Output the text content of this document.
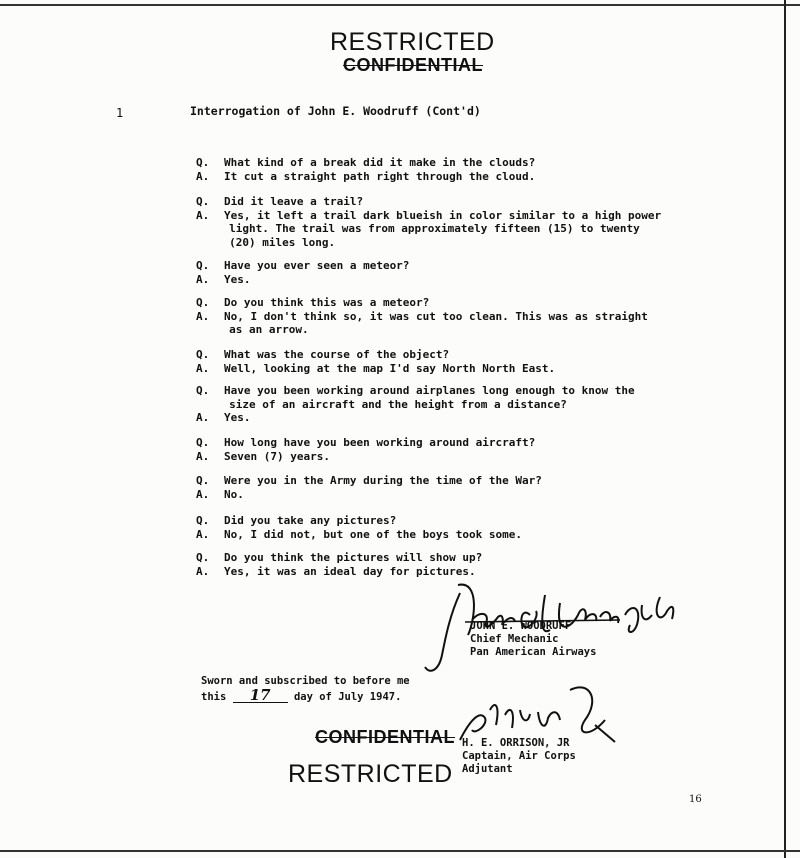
RESTRICTED
CONFIDENTIAL
1	Interrogation of John E. Woodruff (Cont'd)
Q. What kind of a break did it make in the clouds?
A. It cut a straight path right through the cloud.
Q. Did it leave a trail?
A. Yes, it left a trail dark blueish in color similar to a high power
light. The trail was from approximately fifteen (15) to twenty
(20) miles long.
Q. Have you ever seen a meteor?
A. Yes.
Q. Do you think this was a meteor?
A. No, I don't think so, it was cut too clean. This was as straight
as an arrow.
Q. What was the course of the object?
A. Well, looking at the map I'd say North North East.
Q. Have you been working around airplanes long enough to know the
size of an aircraft and the height from a distance?
A. Yes.
Q. How long have you been working around aircraft?
A. Seven (7) years.
Q. Were you in the Army during the time of the War?
A. No.
Q. Did you take any pictures?
A. No, I did not, but one of the boys took some.
Q. Do you think the pictures will show up?
A. Yes, it was an ideal day for pictures.
JOHN E. WOODRUFF
Chief Mechanic
Pan American Airways
Sworn and subscribed to before me
this 17 day of July 1947.
CONFIDENTIAL
RESTRICTED
H. E. ORRISON, JR
Captain, Air Corps
Adjutant
16
